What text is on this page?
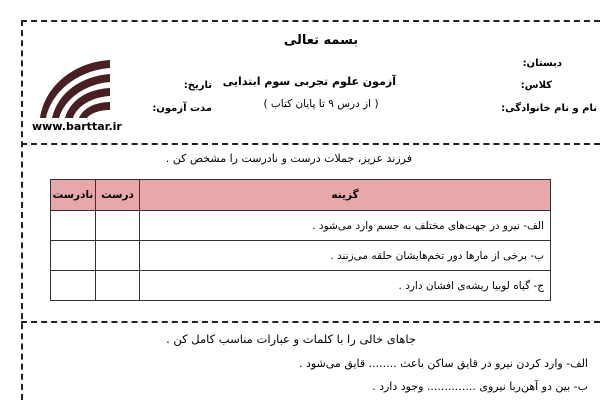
www.barttar.ir
بسمه تعالی
دبستان:
کلاس:
نام و نام خانوادگی:
آزمون علوم تجربی سوم ابتدایی
( از درس ۹ تا پایان کتاب )
تاریخ:
مدت آزمون:
فرزند عزیز، جملات درست و نادرست را مشخص کن .
گزینه	درست	نادرست
الف- نیرو در جهت‌های مختلف به جسم وارد می‌شود .		
ب- برخی از مارها دور تخم‌هایشان حلقه می‌زنند .		
ج- گیاه لوبیا ریشه‌ی افشان دارد .		
جاهای خالی را با کلمات و عبارات مناسب کامل کن .
الف- وارد کردن نیرو در قایق ساکن باعث ........ قایق می‌شود .
ب- بین دو آهن‌ربا نیروی .............. وجود دارد .
